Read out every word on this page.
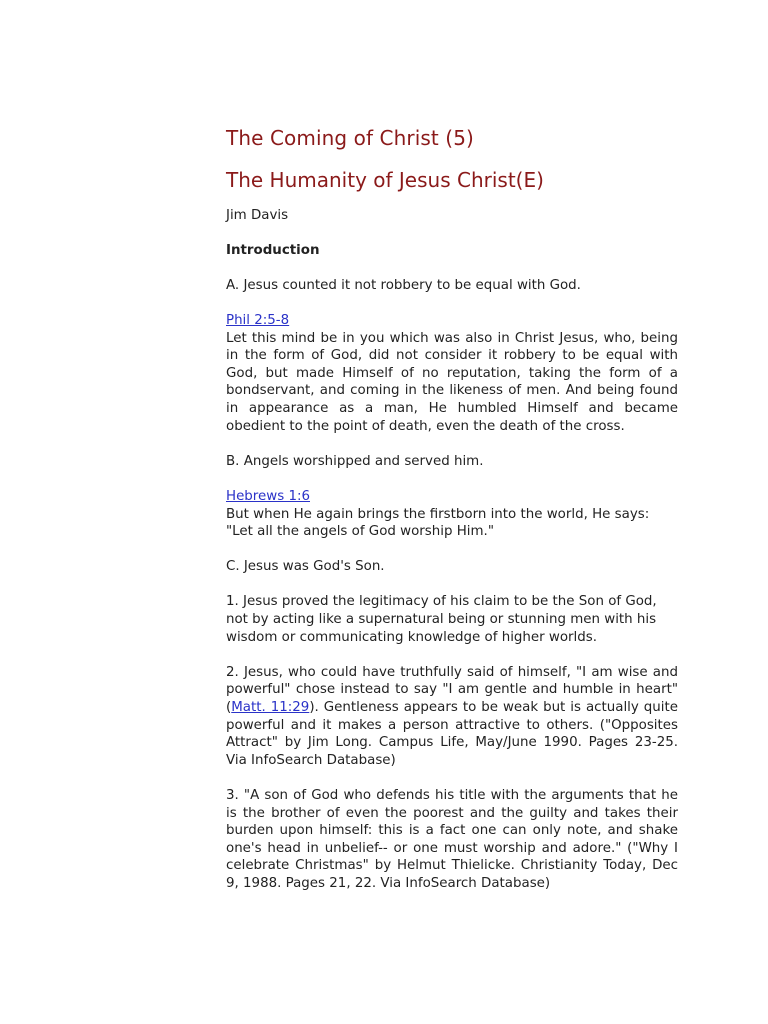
The Coming of Christ (5)
The Humanity of Jesus Christ(E)

Jim Davis

Introduction

A. Jesus counted it not robbery to be equal with God.

Phil 2:5-8
Let this mind be in you which was also in Christ Jesus, who, being in the form of God, did not consider it robbery to be equal with God, but made Himself of no reputation, taking the form of a bondservant, and coming in the likeness of men. And being found in appearance as a man, He humbled Himself and became obedient to the point of death, even the death of the cross.

B. Angels worshipped and served him.

Hebrews 1:6
But when He again brings the firstborn into the world, He says: "Let all the angels of God worship Him."

C. Jesus was God's Son.

1. Jesus proved the legitimacy of his claim to be the Son of God, not by acting like a supernatural being or stunning men with his wisdom or communicating knowledge of higher worlds.

2. Jesus, who could have truthfully said of himself, "I am wise and powerful" chose instead to say "I am gentle and humble in heart" (Matt. 11:29). Gentleness appears to be weak but is actually quite powerful and it makes a person attractive to others. ("Opposites Attract" by Jim Long. Campus Life, May/June 1990. Pages 23-25. Via InfoSearch Database)

3. "A son of God who defends his title with the arguments that he is the brother of even the poorest and the guilty and takes their burden upon himself: this is a fact one can only note, and shake one's head in unbelief-- or one must worship and adore." ("Why I celebrate Christmas" by Helmut Thielicke. Christianity Today, Dec 9, 1988. Pages 21, 22. Via InfoSearch Database)
